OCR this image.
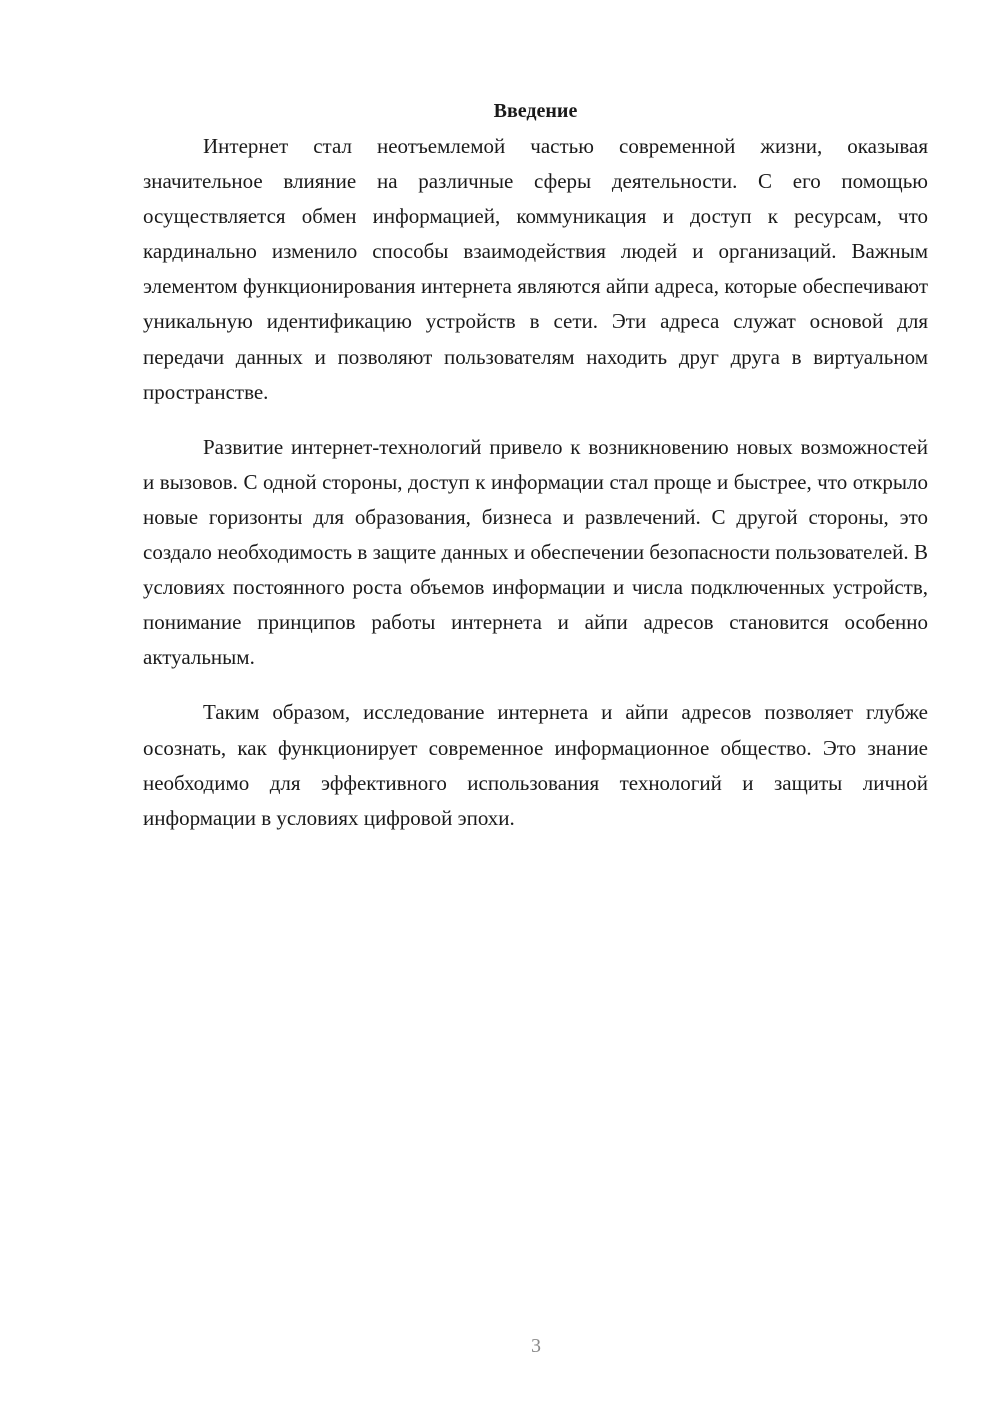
Введение

Интернет стал неотъемлемой частью современной жизни, оказывая значительное влияние на различные сферы деятельности. С его помощью осуществляется обмен информацией, коммуникация и доступ к ресурсам, что кардинально изменило способы взаимодействия людей и организаций. Важным элементом функционирования интернета являются айпи адреса, которые обеспечивают уникальную идентификацию устройств в сети. Эти адреса служат основой для передачи данных и позволяют пользователям находить друг друга в виртуальном пространстве.

Развитие интернет-технологий привело к возникновению новых возможностей и вызовов. С одной стороны, доступ к информации стал проще и быстрее, что открыло новые горизонты для образования, бизнеса и развлечений. С другой стороны, это создало необходимость в защите данных и обеспечении безопасности пользователей. В условиях постоянного роста объемов информации и числа подключенных устройств, понимание принципов работы интернета и айпи адресов становится особенно актуальным.

Таким образом, исследование интернета и айпи адресов позволяет глубже осознать, как функционирует современное информационное общество. Это знание необходимо для эффективного использования технологий и защиты личной информации в условиях цифровой эпохи.

3
